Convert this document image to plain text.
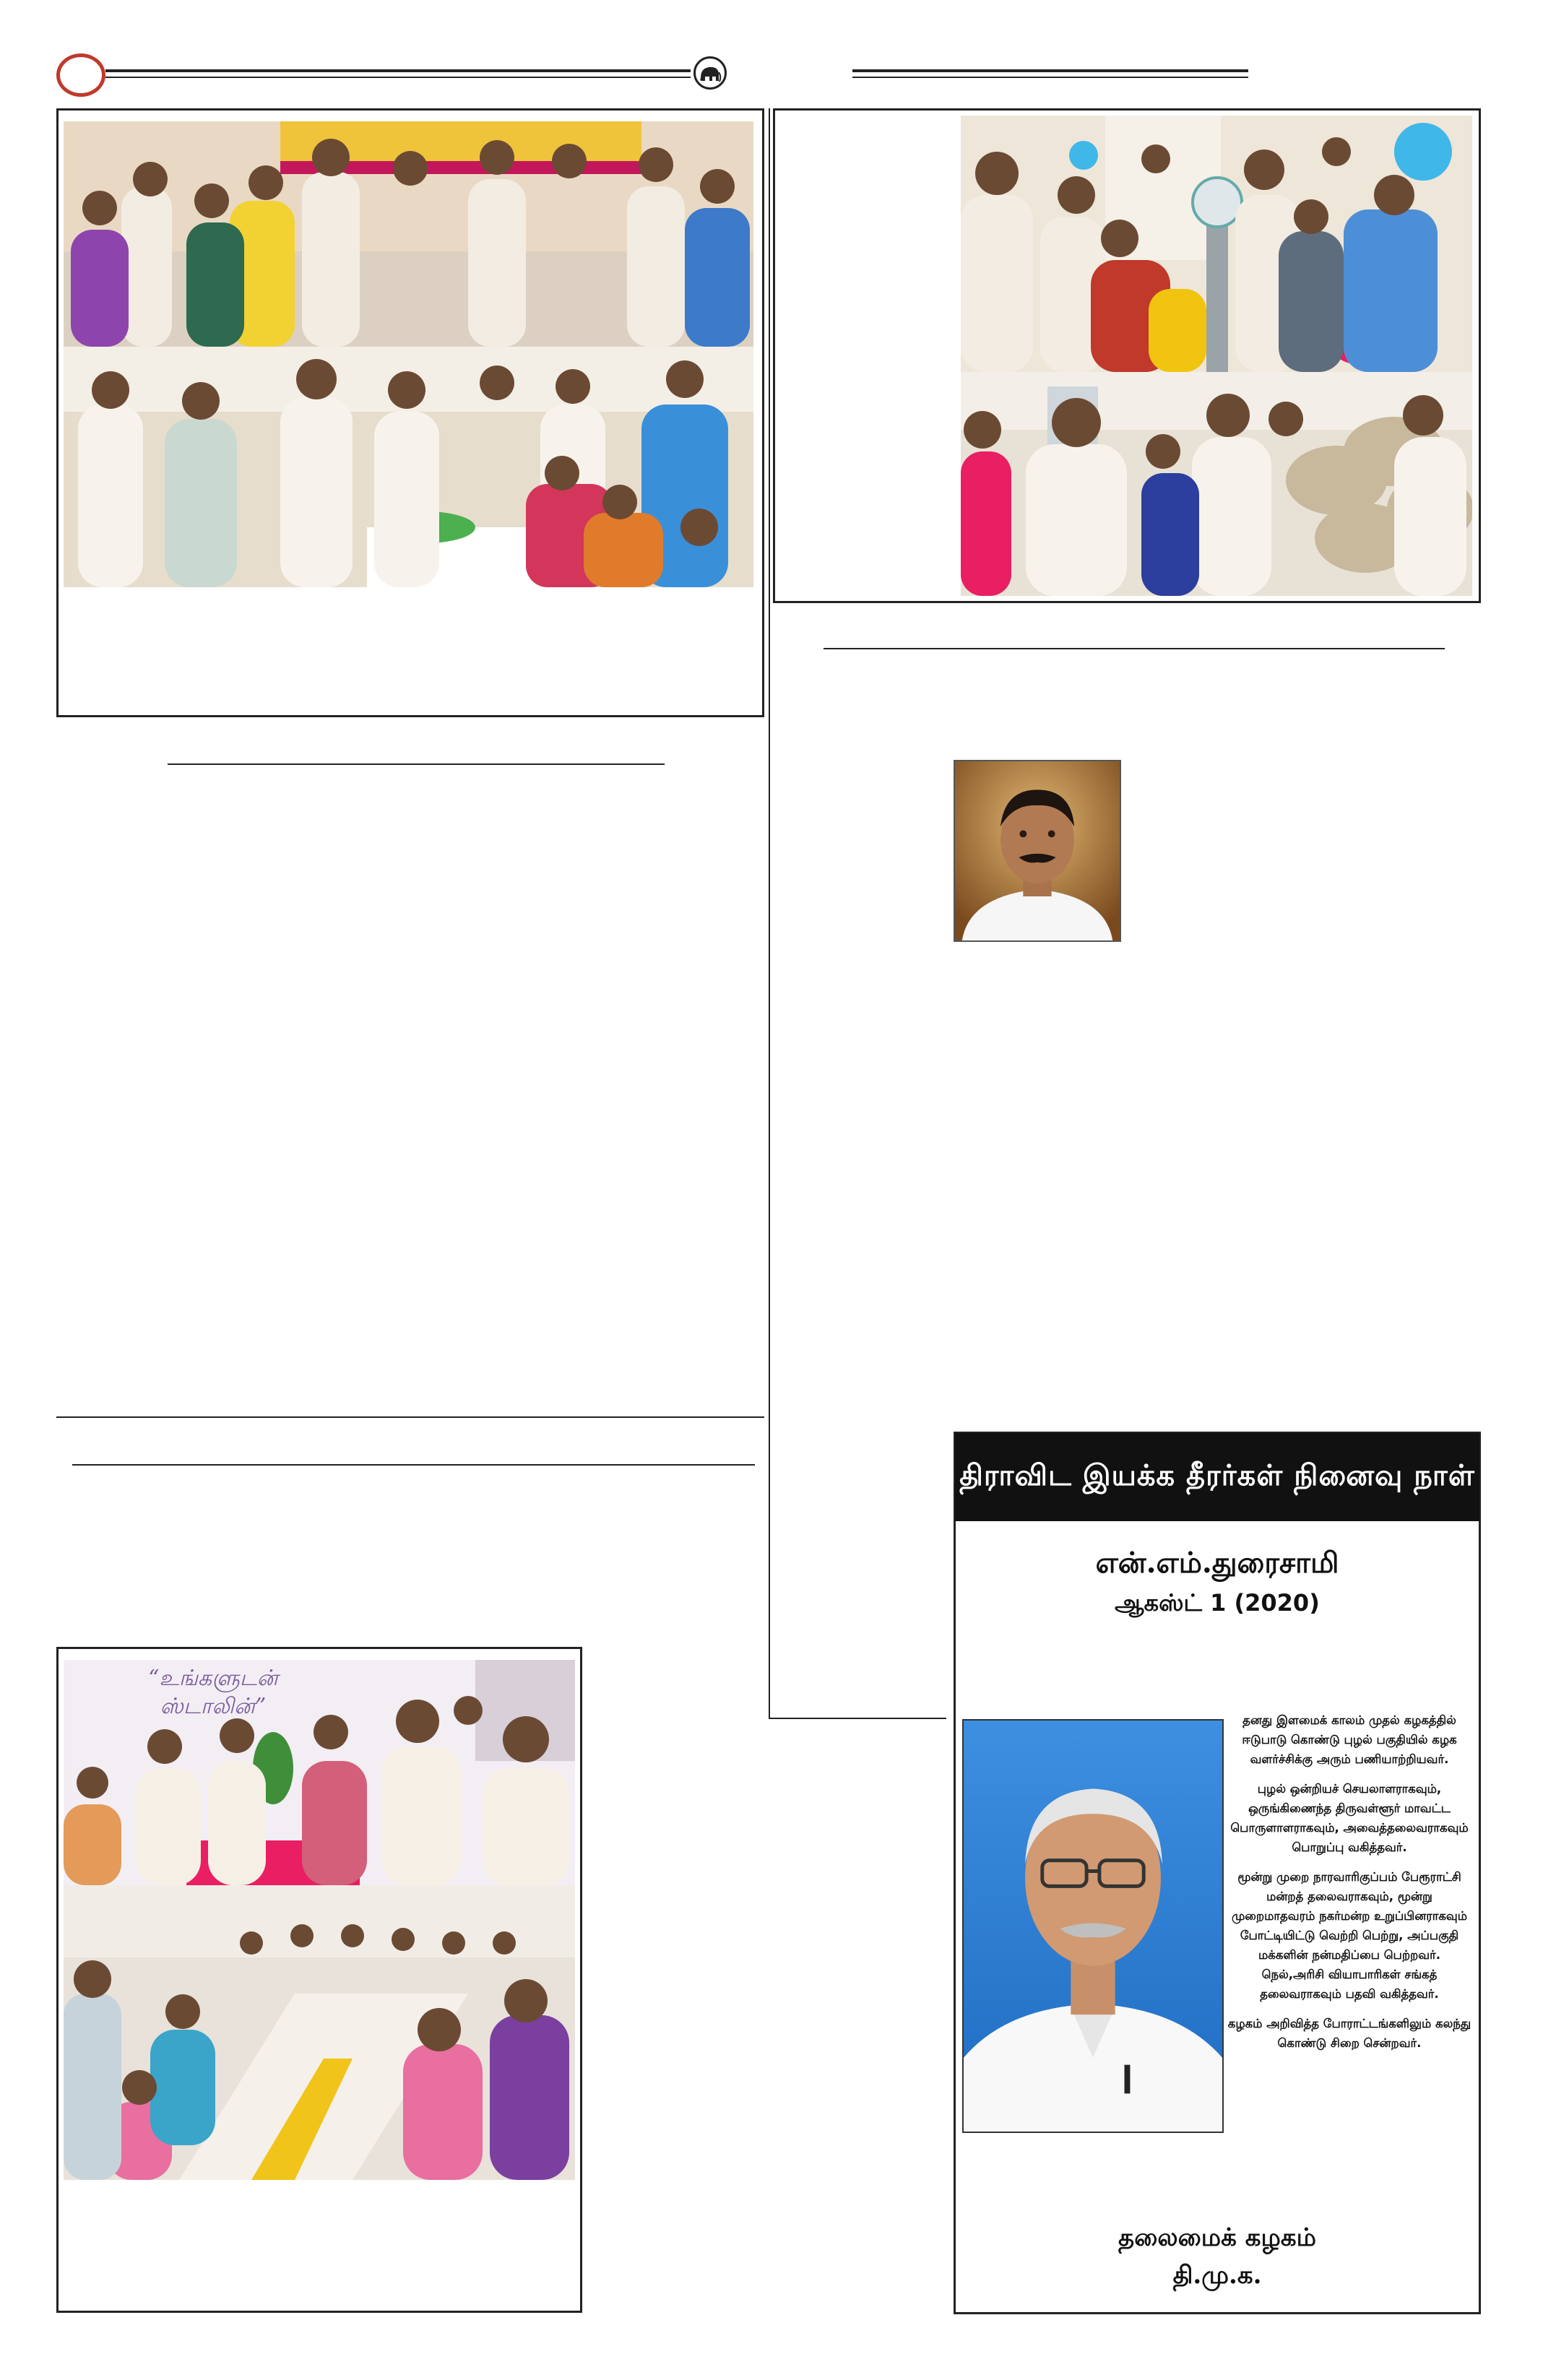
“உங்களுடன் ஸ்டாலின்”
திராவிட இயக்க தீரர்கள் நினைவு நாள்
என்.எம்.துரைசாமி
ஆகஸ்ட் 1 (2020)

தனது இளமைக் காலம் முதல் கழகத்தில் ஈடுபாடு கொண்டு புழல் பகுதியில் கழக வளர்ச்சிக்கு அரும் பணியாற்றியவர்.

புழல் ஒன்றியச் செயலாளராகவும், ஒருங்கிணைந்த திருவள்ளூர் மாவட்ட பொருளாளராகவும், அவைத்தலைவராகவும் பொறுப்பு வகித்தவர்.

மூன்று முறை நாரவாரிகுப்பம் பேரூராட்சி மன்றத் தலைவராகவும், மூன்று முறைமாதவரம் நகர்மன்ற உறுப்பினராகவும் போட்டியிட்டு வெற்றி பெற்று, அப்பகுதி மக்களின் நன்மதிப்பை பெற்றவர். நெல்,அரிசி வியாபாரிகள் சங்கத் தலைவராகவும் பதவி வகித்தவர்.

கழகம் அறிவித்த போராட்டங்களிலும் கலந்து கொண்டு சிறை சென்றவர்.

தலைமைக் கழகம்
தி.மு.க.
